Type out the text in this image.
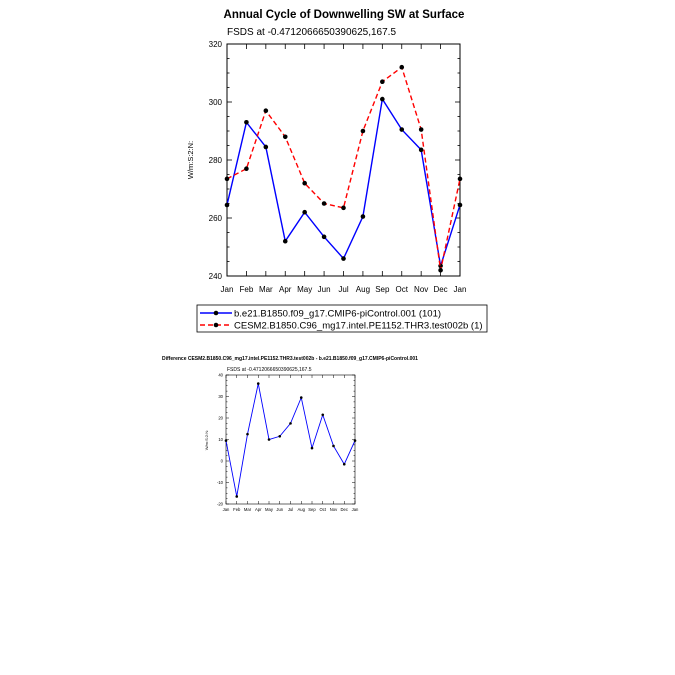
Annual Cycle of Downwelling SW at Surface
FSDS at -0.4712066650390625,167.5
W/m:S:2:N:
Jan Feb Mar Apr May Jun Jul Aug Sep Oct Nov Dec Jan
240
260
280
300
320
b.e21.B1850.f09_g17.CMIP6-piControl.001 (101)
CESM2.B1850.C96_mg17.intel.PE1152.THR3.test002b (1)
Difference CESM2.B1850.C96_mg17.intel.PE1152.THR3.test002b - b.e21.B1850.f09_g17.CMIP6-piControl.001
FSDS at -0.4712066650390625,167.5
W/m:S:2:N:
Jan Feb Mar Apr May Jun Jul Aug Sep Oct Nov Dec Jan
-20
-10
0
10
20
30
40
